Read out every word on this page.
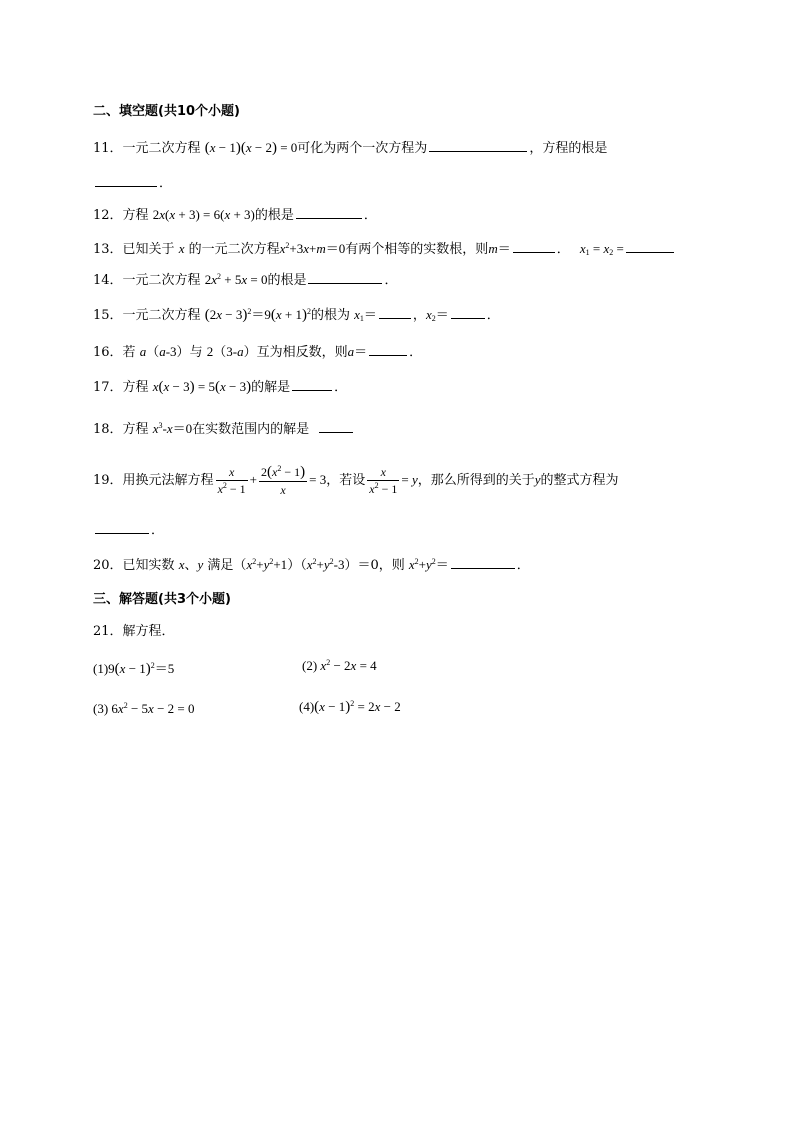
二、填空题(共10个小题)
11．一元二次方程 (x − 1)(x − 2) = 0可化为两个一次方程为	，方程的根是
．
12．方程 2x(x + 3) = 6(x + 3)的根是	．
13．已知关于 x 的一元二次方程$x^2+3x+m=0$有两个相等的实数根，则m＝	． $x_1 = x_2$ =
14．一元二次方程 $2x^2 + 5x = 0$的根是	．
15．一元二次方程 $(2x - 3)^2=9(x + 1)^2$的根为 $x_1=$	，$x_2=$	．
16．若 a（a-3）与 2（3-a）互为相反数，则a＝	．
17．方程 x(x − 3) = 5(x − 3)的解是	．
18．方程 $x^3-x=0$在实数范围内的解是
19．用换元法解方程 $\frac{x}{x^2 - 1} + \frac{2(x^2 - 1)}{x} = 3$，若设 $\frac{x}{x^2 - 1} = y$，那么所得到的关于y的整式方程为
．
20．已知实数 x、y 满足$(x^2+y^2+1)(x^2+y^2-3)=0$，则 $x^2+y^2=$	．
三、解答题(共3个小题)
21．解方程．
$(1)9(x - 1)^2=5$	(2) $x^2 - 2x = 4$
(3) $6x^2 - 5x - 2 = 0$	$(4)(x - 1)^2 = 2x - 2$
